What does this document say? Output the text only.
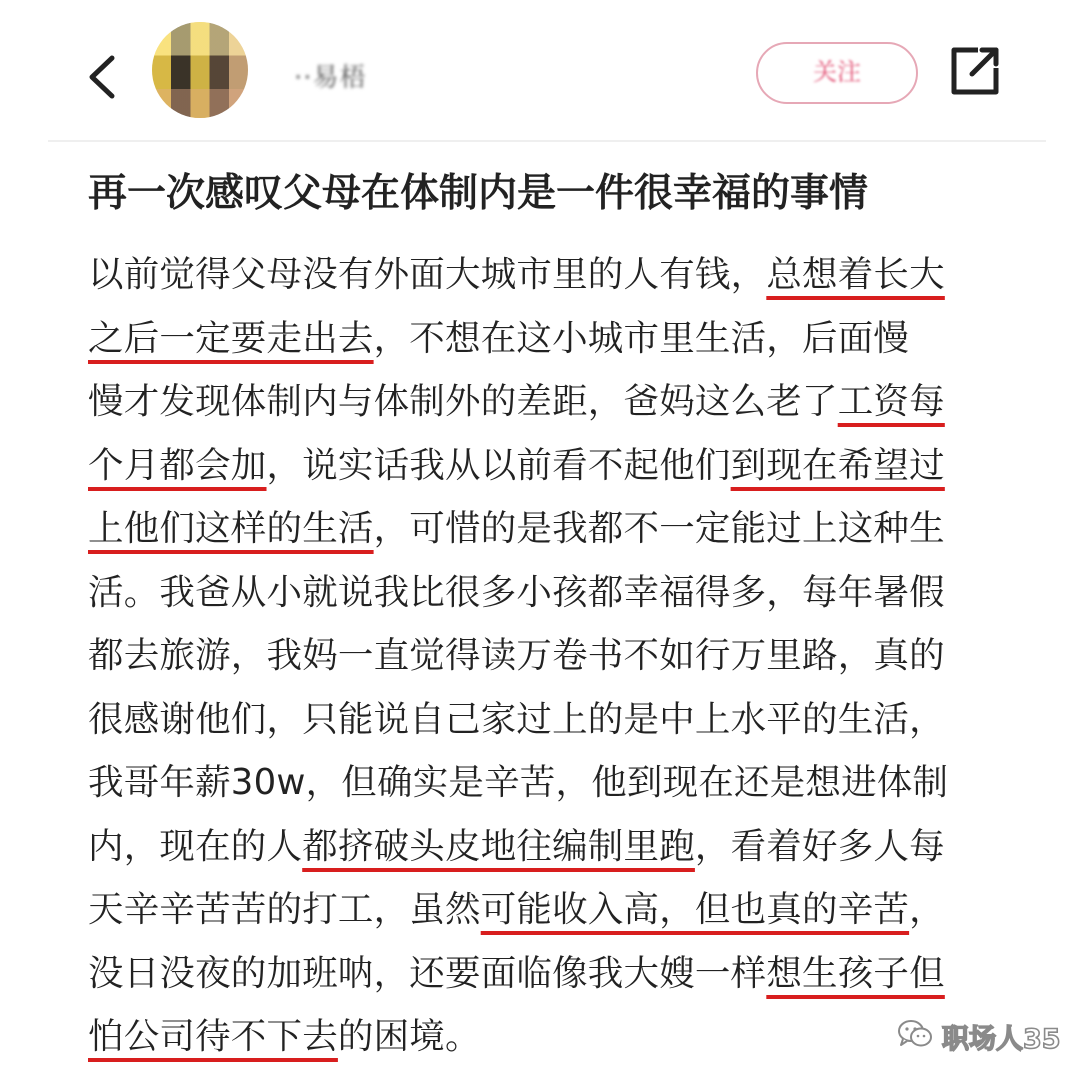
··易梧	关注
再一次感叹父母在体制内是一件很幸福的事情
以前觉得父母没有外面大城市里的人有钱，总想着长大
之后一定要走出去，不想在这小城市里生活，后面慢
慢才发现体制内与体制外的差距，爸妈这么老了工资每
个月都会加，说实话我从以前看不起他们到现在希望过
上他们这样的生活，可惜的是我都不一定能过上这种生
活。我爸从小就说我比很多小孩都幸福得多，每年暑假
都去旅游，我妈一直觉得读万卷书不如行万里路，真的
很感谢他们，只能说自己家过上的是中上水平的生活，
我哥年薪30w，但确实是辛苦，他到现在还是想进体制
内，现在的人都挤破头皮地往编制里跑，看着好多人每
天辛辛苦苦的打工，虽然可能收入高，但也真的辛苦，
没日没夜的加班呐，还要面临像我大嫂一样想生孩子但
怕公司待不下去的困境。	职场人35
